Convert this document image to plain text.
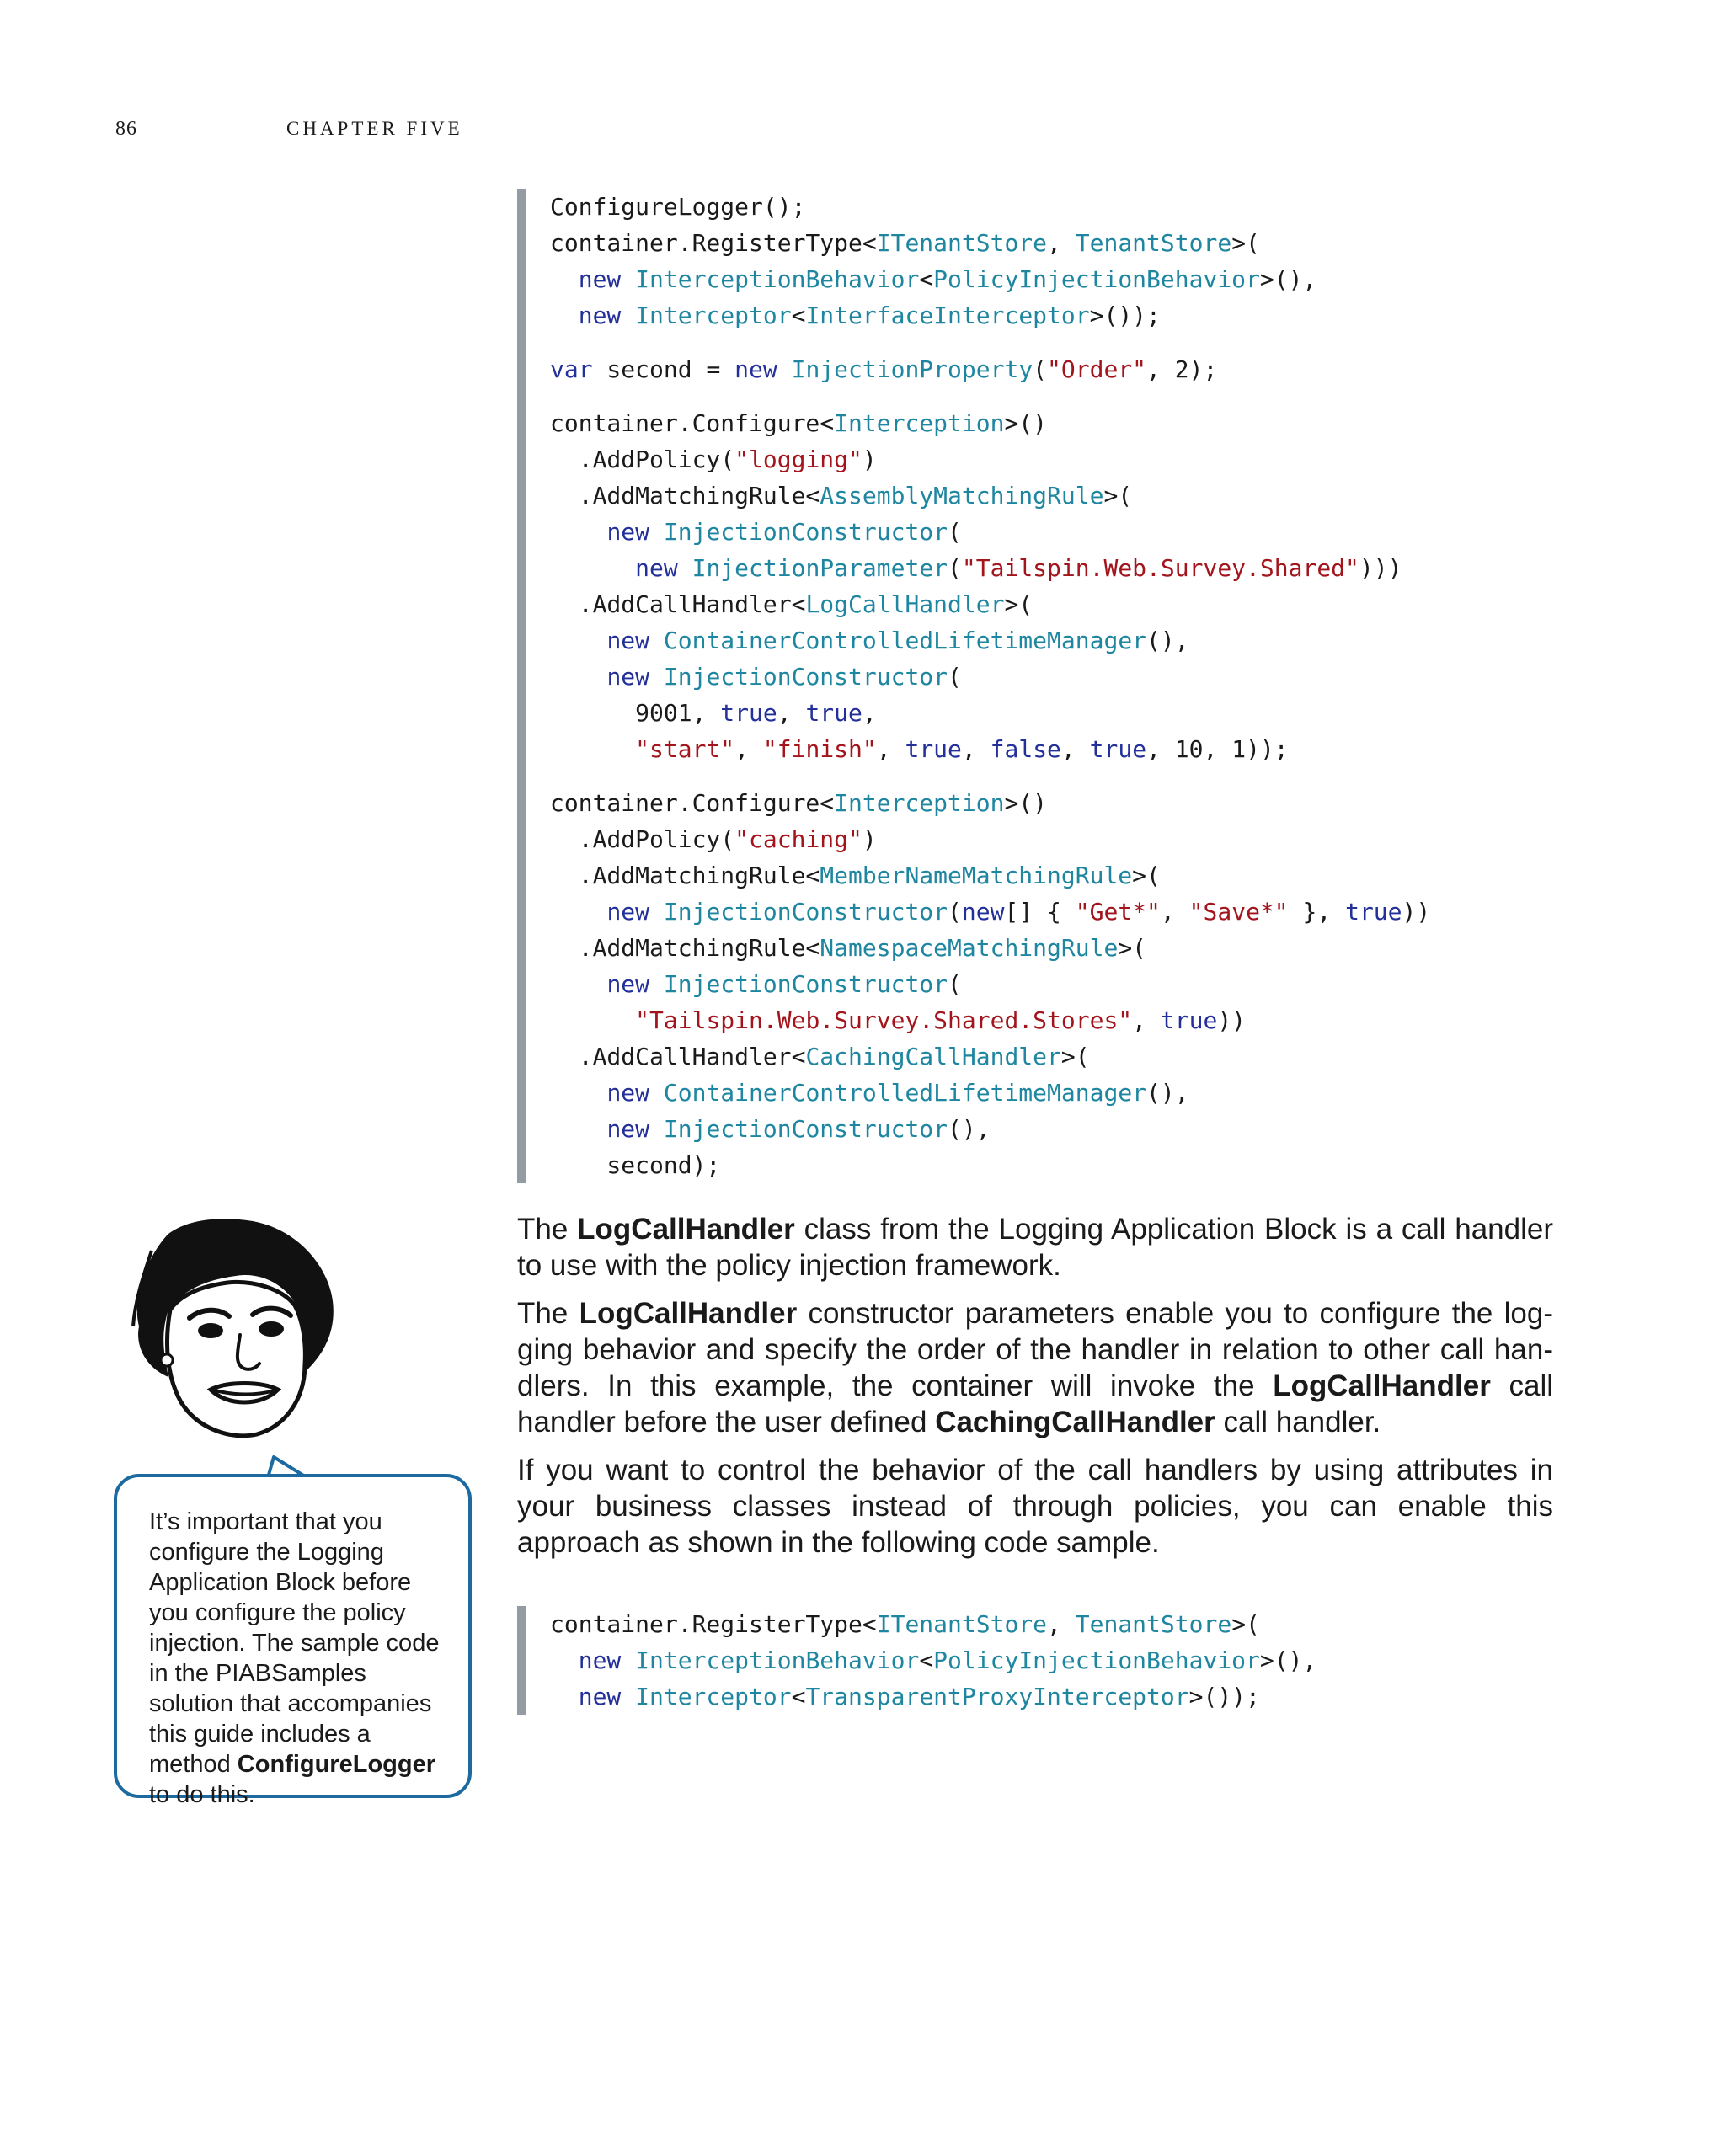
86	CHAPTER FIVE
ConfigureLogger();
container.RegisterType<ITenantStore, TenantStore>(
new InterceptionBehavior<PolicyInjectionBehavior>(),
new Interceptor<InterfaceInterceptor>());
var second = new InjectionProperty("Order", 2);
container.Configure<Interception>()
.AddPolicy("logging")
.AddMatchingRule<AssemblyMatchingRule>(
new InjectionConstructor(
new InjectionParameter("Tailspin.Web.Survey.Shared")))
.AddCallHandler<LogCallHandler>(
new ContainerControlledLifetimeManager(),
new InjectionConstructor(
9001, true, true,
"start", "finish", true, false, true, 10, 1));
container.Configure<Interception>()
.AddPolicy("caching")
.AddMatchingRule<MemberNameMatchingRule>(
new InjectionConstructor(new[] { "Get*", "Save*" }, true))
.AddMatchingRule<NamespaceMatchingRule>(
new InjectionConstructor(
"Tailspin.Web.Survey.Shared.Stores", true))
.AddCallHandler<CachingCallHandler>(
new ContainerControlledLifetimeManager(),
new InjectionConstructor(),
second);

The LogCallHandler class from the Logging Application Block is a call handler to use with the policy injection framework.

The LogCallHandler constructor parameters enable you to configure the logging behavior and specify the order of the handler in relation to other call handlers. In this example, the container will invoke the LogCallHandler call handler before the user defined CachingCallHandler call handler.

If you want to control the behavior of the call handlers by using attributes in your business classes instead of through policies, you can enable this approach as shown in the following code sample.

container.RegisterType<ITenantStore, TenantStore>(
new InterceptionBehavior<PolicyInjectionBehavior>(),
new Interceptor<TransparentProxyInterceptor>());

It’s important that you configure the Logging Application Block before you configure the policy injection. The sample code in the PIABSamples solution that accompanies this guide includes a method ConfigureLogger to do this.
